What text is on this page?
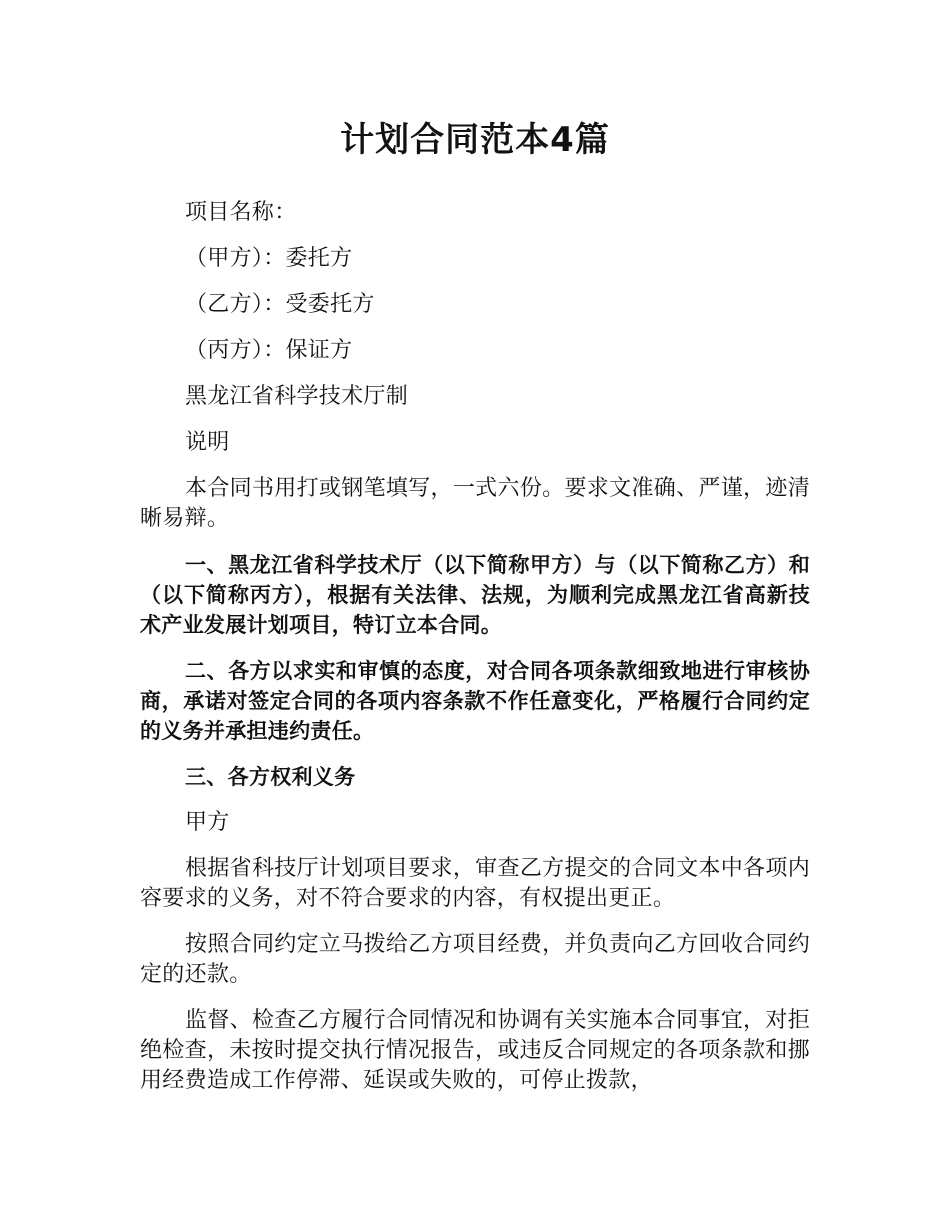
计划合同范本4篇

项目名称：

（甲方）：委托方

（乙方）：受委托方

（丙方）：保证方

黑龙江省科学技术厅制

说明

本合同书用打或钢笔填写，一式六份。要求文准确、严谨，迹清晰易辩。

一、黑龙江省科学技术厅（以下简称甲方）与（以下简称乙方）和（以下简称丙方），根据有关法律、法规，为顺利完成黑龙江省高新技术产业发展计划项目，特订立本合同。

二、各方以求实和审慎的态度，对合同各项条款细致地进行审核协商，承诺对签定合同的各项内容条款不作任意变化，严格履行合同约定的义务并承担违约责任。

三、各方权利义务

甲方

根据省科技厅计划项目要求，审查乙方提交的合同文本中各项内容要求的义务，对不符合要求的内容，有权提出更正。

按照合同约定立马拨给乙方项目经费，并负责向乙方回收合同约定的还款。

监督、检查乙方履行合同情况和协调有关实施本合同事宜，对拒绝检查，未按时提交执行情况报告，或违反合同规定的各项条款和挪用经费造成工作停滞、延误或失败的，可停止拨款，
